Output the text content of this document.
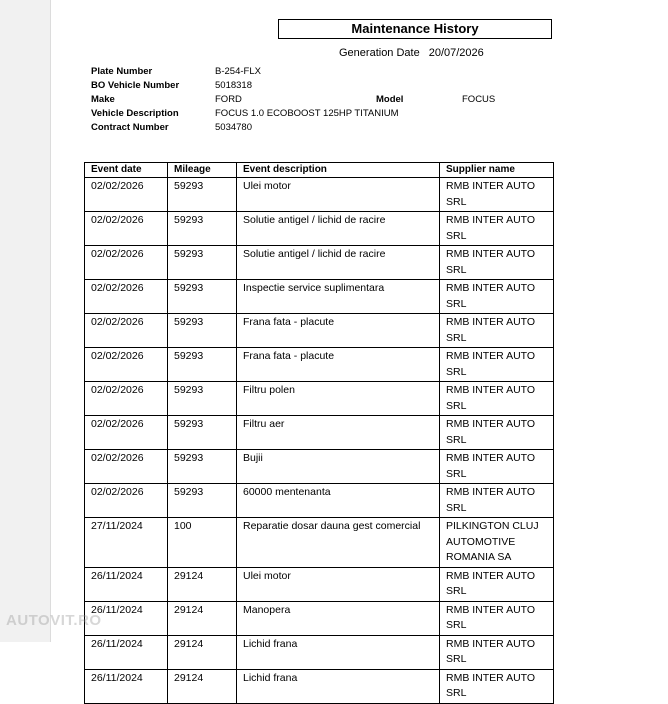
Maintenance History
Generation Date 20/07/2026
Plate Number	B-254-FLX
BO Vehicle Number	5018318
Make	FORD	Model	FOCUS
Vehicle Description	FOCUS 1.0 ECOBOOST 125HP TITANIUM
Contract Number	5034780
Event date	Mileage	Event description	Supplier name
02/02/2026	59293	Ulei motor	RMB INTER AUTO SRL
02/02/2026	59293	Solutie antigel / lichid de racire	RMB INTER AUTO SRL
02/02/2026	59293	Solutie antigel / lichid de racire	RMB INTER AUTO SRL
02/02/2026	59293	Inspectie service suplimentara	RMB INTER AUTO SRL
02/02/2026	59293	Frana fata - placute	RMB INTER AUTO SRL
02/02/2026	59293	Frana fata - placute	RMB INTER AUTO SRL
02/02/2026	59293	Filtru polen	RMB INTER AUTO SRL
02/02/2026	59293	Filtru aer	RMB INTER AUTO SRL
02/02/2026	59293	Bujii	RMB INTER AUTO SRL
02/02/2026	59293	60000 mentenanta	RMB INTER AUTO SRL
27/11/2024	100	Reparatie dosar dauna gest comercial	PILKINGTON CLUJ AUTOMOTIVE ROMANIA SA
26/11/2024	29124	Ulei motor	RMB INTER AUTO SRL
26/11/2024	29124	Manopera	RMB INTER AUTO SRL
26/11/2024	29124	Lichid frana	RMB INTER AUTO SRL
26/11/2024	29124	Lichid frana	RMB INTER AUTO SRL
AUTOVIT.RO
